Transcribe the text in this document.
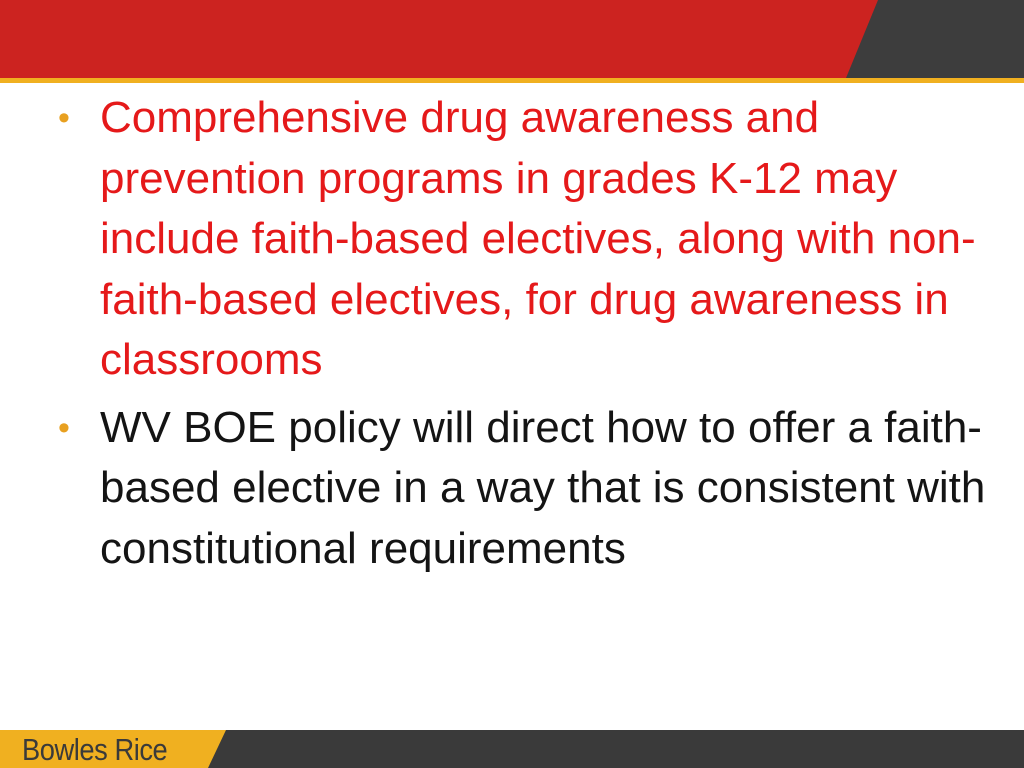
• Comprehensive drug awareness and prevention programs in grades K-12 may include faith-based electives, along with non-faith-based electives, for drug awareness in classrooms
• WV BOE policy will direct how to offer a faith-based elective in a way that is consistent with constitutional requirements
Bowles Rice
